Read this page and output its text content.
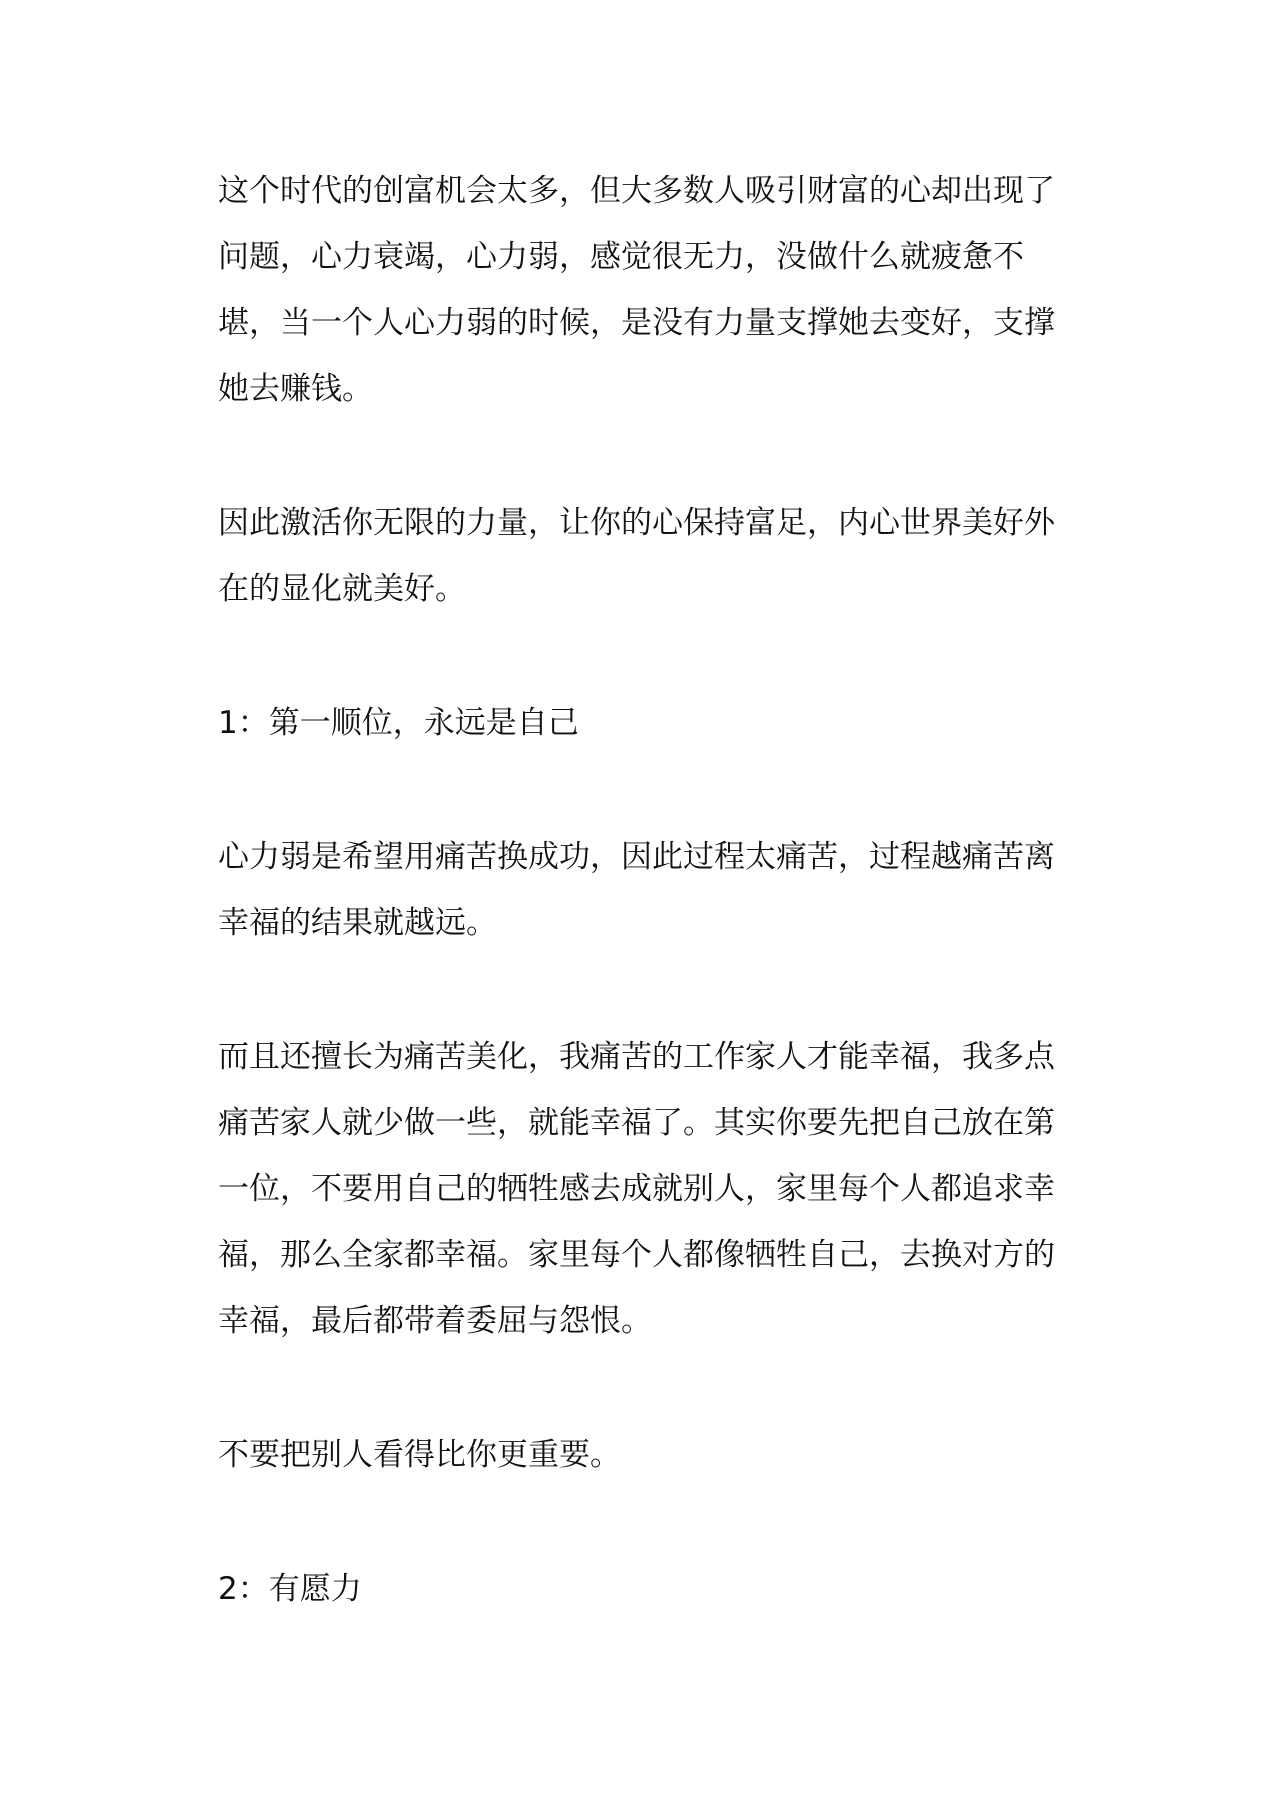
这个时代的创富机会太多，但大多数人吸引财富的心却出现了问题，心力衰竭，心力弱，感觉很无力，没做什么就疲惫不堪，当一个人心力弱的时候，是没有力量支撑她去变好，支撑她去赚钱。

因此激活你无限的力量，让你的心保持富足，内心世界美好外在的显化就美好。

1：第一顺位，永远是自己

心力弱是希望用痛苦换成功，因此过程太痛苦，过程越痛苦离幸福的结果就越远。

而且还擅长为痛苦美化，我痛苦的工作家人才能幸福，我多点痛苦家人就少做一些，就能幸福了。其实你要先把自己放在第一位，不要用自己的牺牲感去成就别人，家里每个人都追求幸福，那么全家都幸福。家里每个人都像牺牲自己，去换对方的幸福，最后都带着委屈与怨恨。

不要把别人看得比你更重要。

2：有愿力
